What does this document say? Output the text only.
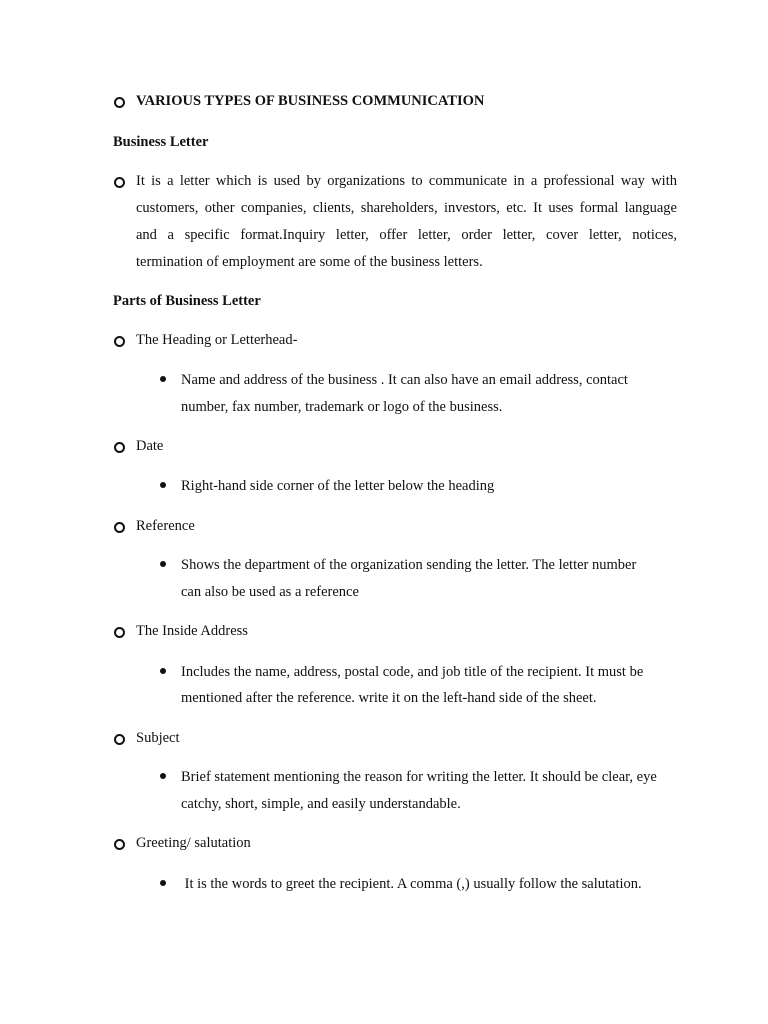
VARIOUS TYPES OF BUSINESS COMMUNICATION
Business Letter
It is a letter which is used by organizations to communicate in a professional way with
customers, other companies, clients, shareholders, investors, etc. It uses formal language
and a specific format.Inquiry letter, offer letter, order letter, cover letter, notices,
termination of employment are some of the business letters.
Parts of Business Letter
The Heading or Letterhead-
Name and address of the business . It can also have an email address, contact
number, fax number, trademark or logo of the business.
Date
Right-hand side corner of the letter below the heading
Reference
Shows the department of the organization sending the letter. The letter number
can also be used as a reference
The Inside Address
Includes the name, address, postal code, and job title of the recipient. It must be
mentioned after the reference. write it on the left-hand side of the sheet.
Subject
Brief statement mentioning the reason for writing the letter. It should be clear, eye
catchy, short, simple, and easily understandable.
Greeting/ salutation
It is the words to greet the recipient. A comma (,) usually follow the salutation.
